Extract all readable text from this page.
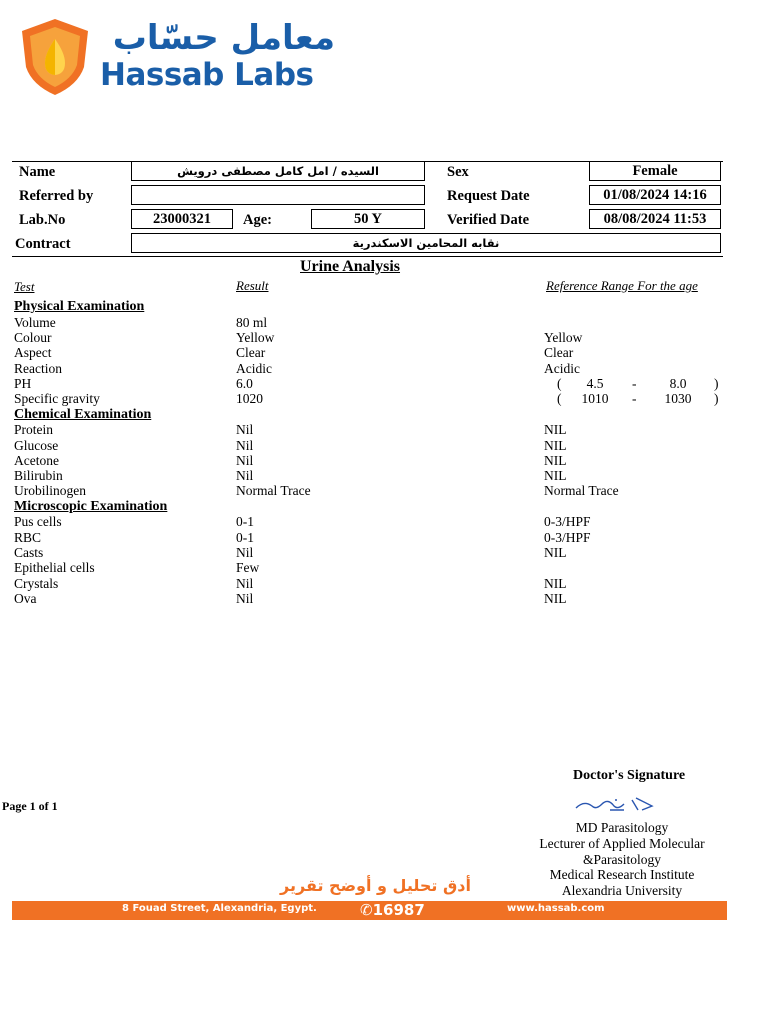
معامل حسّاب
Hassab Labs
Name	السيده / امل كامل مصطفى درويش	Sex	Female
Referred by	Request Date	01/08/2024 14:16
Lab.No	23000321	Age:	50 Y	Verified Date	08/08/2024 11:53
Contract	نقابه المحامين الاسكندرية
Urine Analysis
Test	Result	Reference Range For the age
Physical Examination
Volume	80 ml
Colour	Yellow	Yellow
Aspect	Clear	Clear
Reaction	Acidic	Acidic
PH	6.0	(	4.5	-	8.0	)
Specific gravity	1020	(	1010	-	1030	)
Chemical Examination
Protein	Nil	NIL
Glucose	Nil	NIL
Acetone	Nil	NIL
Bilirubin	Nil	NIL
Urobilinogen	Normal Trace	Normal Trace
Microscopic Examination
Pus cells	0-1	0-3/HPF
RBC	0-1	0-3/HPF
Casts	Nil	NIL
Epithelial cells	Few
Crystals	Nil	NIL
Ova	Nil	NIL
Doctor's Signature
Page 1 of 1
MD Parasitology
Lecturer of Applied Molecular
&Parasitology
Medical Research Institute
Alexandria University
أدق تحليل و أوضح تقرير
8 Fouad Street, Alexandria, Egypt.	✆16987	www.hassab.com
